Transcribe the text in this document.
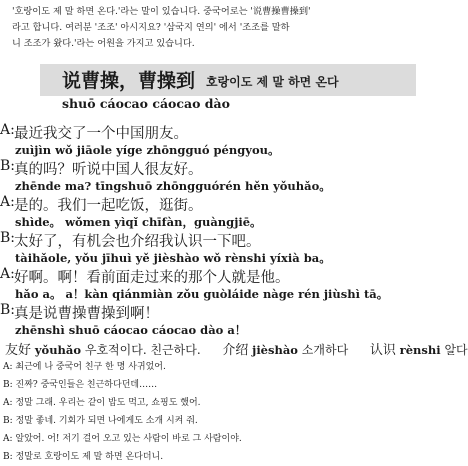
'호랑이도 제 말 하면 온다.'라는 말이 있습니다. 중국어로는 '说曹操曹操到'
라고 합니다. 여러분 '조조' 아시지요? '삼국지 연의' 에서 '조조를 말하
니 조조가 왔다.'라는 어원을 가지고 있습니다.
说曹操，曹操到 호랑이도 제 말 하면 온다
shuō cáocao cáocao dào
A: 最近我交了一个中国朋友。
zuìjìn wǒ jiāole yíge zhōngguó péngyou。
B:
真的吗？听说中国人很友好。
zhēnde ma? tīngshuō zhōngguórén hěn yǒuhǎo。
A: 是的。我们一起吃饭，逛街。
shìde。 wǒmen yìqǐ chīfàn，guàngjiē。
B:
太好了，有机会也介绍我认识一下吧。
tàihǎole, yǒu jīhuì yě jièshào wǒ rènshi yíxià ba。
A: 好啊。啊！看前面走过来的那个人就是他。
hǎo a。 a！kàn qiánmiàn zǒu guòláide nàge rén jiùshì tā。
B:
真是说曹操曹操到啊！
zhēnshì shuō cáocao cáocao dào a！
友好 yǒuhǎo 우호적이다. 친근하다. 介绍 jièshào 소개하다 认识 rènshi 알다
A: 최근에 나 중국어 친구 한 명 사귀었어.
B: 진짜? 중국인들은 친근하다던데……
A: 정말 그래. 우리는 같이 밥도 먹고, 쇼핑도 했어.
B: 정말 좋네. 기회가 되면 나에게도 소개 시켜 줘.
A: 알았어. 어! 저기 걸어 오고 있는 사람이 바로 그 사람이야.
B: 정말로 호랑이도 제 말 하면 온다더니.
